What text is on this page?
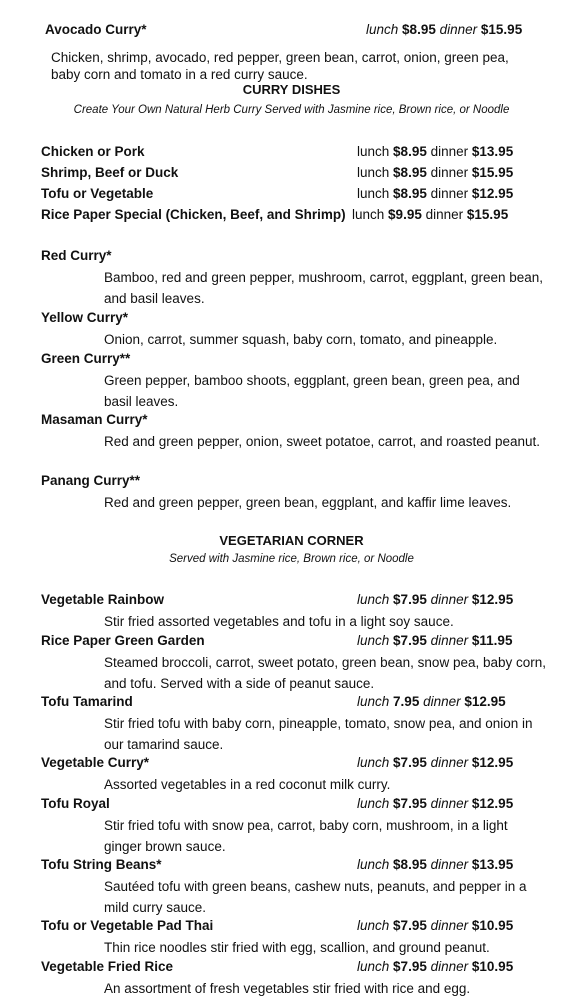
Avocado Curry*	lunch $8.95 dinner $15.95
Chicken, shrimp, avocado, red pepper, green bean, carrot, onion, green pea, baby corn and tomato in a red curry sauce.
CURRY DISHES
Create Your Own Natural Herb Curry Served with Jasmine rice, Brown rice, or Noodle
Chicken or Pork	lunch $8.95 dinner $13.95
Shrimp, Beef or Duck	lunch $8.95 dinner $15.95
Tofu or Vegetable	lunch $8.95 dinner $12.95
Rice Paper Special (Chicken, Beef, and Shrimp) lunch $9.95 dinner $15.95
Red Curry*
Bamboo, red and green pepper, mushroom, carrot, eggplant, green bean, and basil leaves.
Yellow Curry*
Onion, carrot, summer squash, baby corn, tomato, and pineapple.
Green Curry**
Green pepper, bamboo shoots, eggplant, green bean, green pea, and basil leaves.
Masaman Curry*
Red and green pepper, onion, sweet potatoe, carrot, and roasted peanut.
Panang Curry**
Red and green pepper, green bean, eggplant, and kaffir lime leaves.
VEGETARIAN CORNER
Served with Jasmine rice, Brown rice, or Noodle
Vegetable Rainbow	lunch $7.95 dinner $12.95
Stir fried assorted vegetables and tofu in a light soy sauce.
Rice Paper Green Garden	lunch $7.95 dinner $11.95
Steamed broccoli, carrot, sweet potato, green bean, snow pea, baby corn, and tofu. Served with a side of peanut sauce.
Tofu Tamarind	lunch 7.95 dinner $12.95
Stir fried tofu with baby corn, pineapple, tomato, snow pea, and onion in our tamarind sauce.
Vegetable Curry*	lunch $7.95 dinner $12.95
Assorted vegetables in a red coconut milk curry.
Tofu Royal	lunch $7.95 dinner $12.95
Stir fried tofu with snow pea, carrot, baby corn, mushroom, in a light ginger brown sauce.
Tofu String Beans*	lunch $8.95 dinner $13.95
Sautéed tofu with green beans, cashew nuts, peanuts, and pepper in a mild curry sauce.
Tofu or Vegetable Pad Thai	lunch $7.95 dinner $10.95
Thin rice noodles stir fried with egg, scallion, and ground peanut.
Vegetable Fried Rice	lunch $7.95 dinner $10.95
An assortment of fresh vegetables stir fried with rice and egg.
